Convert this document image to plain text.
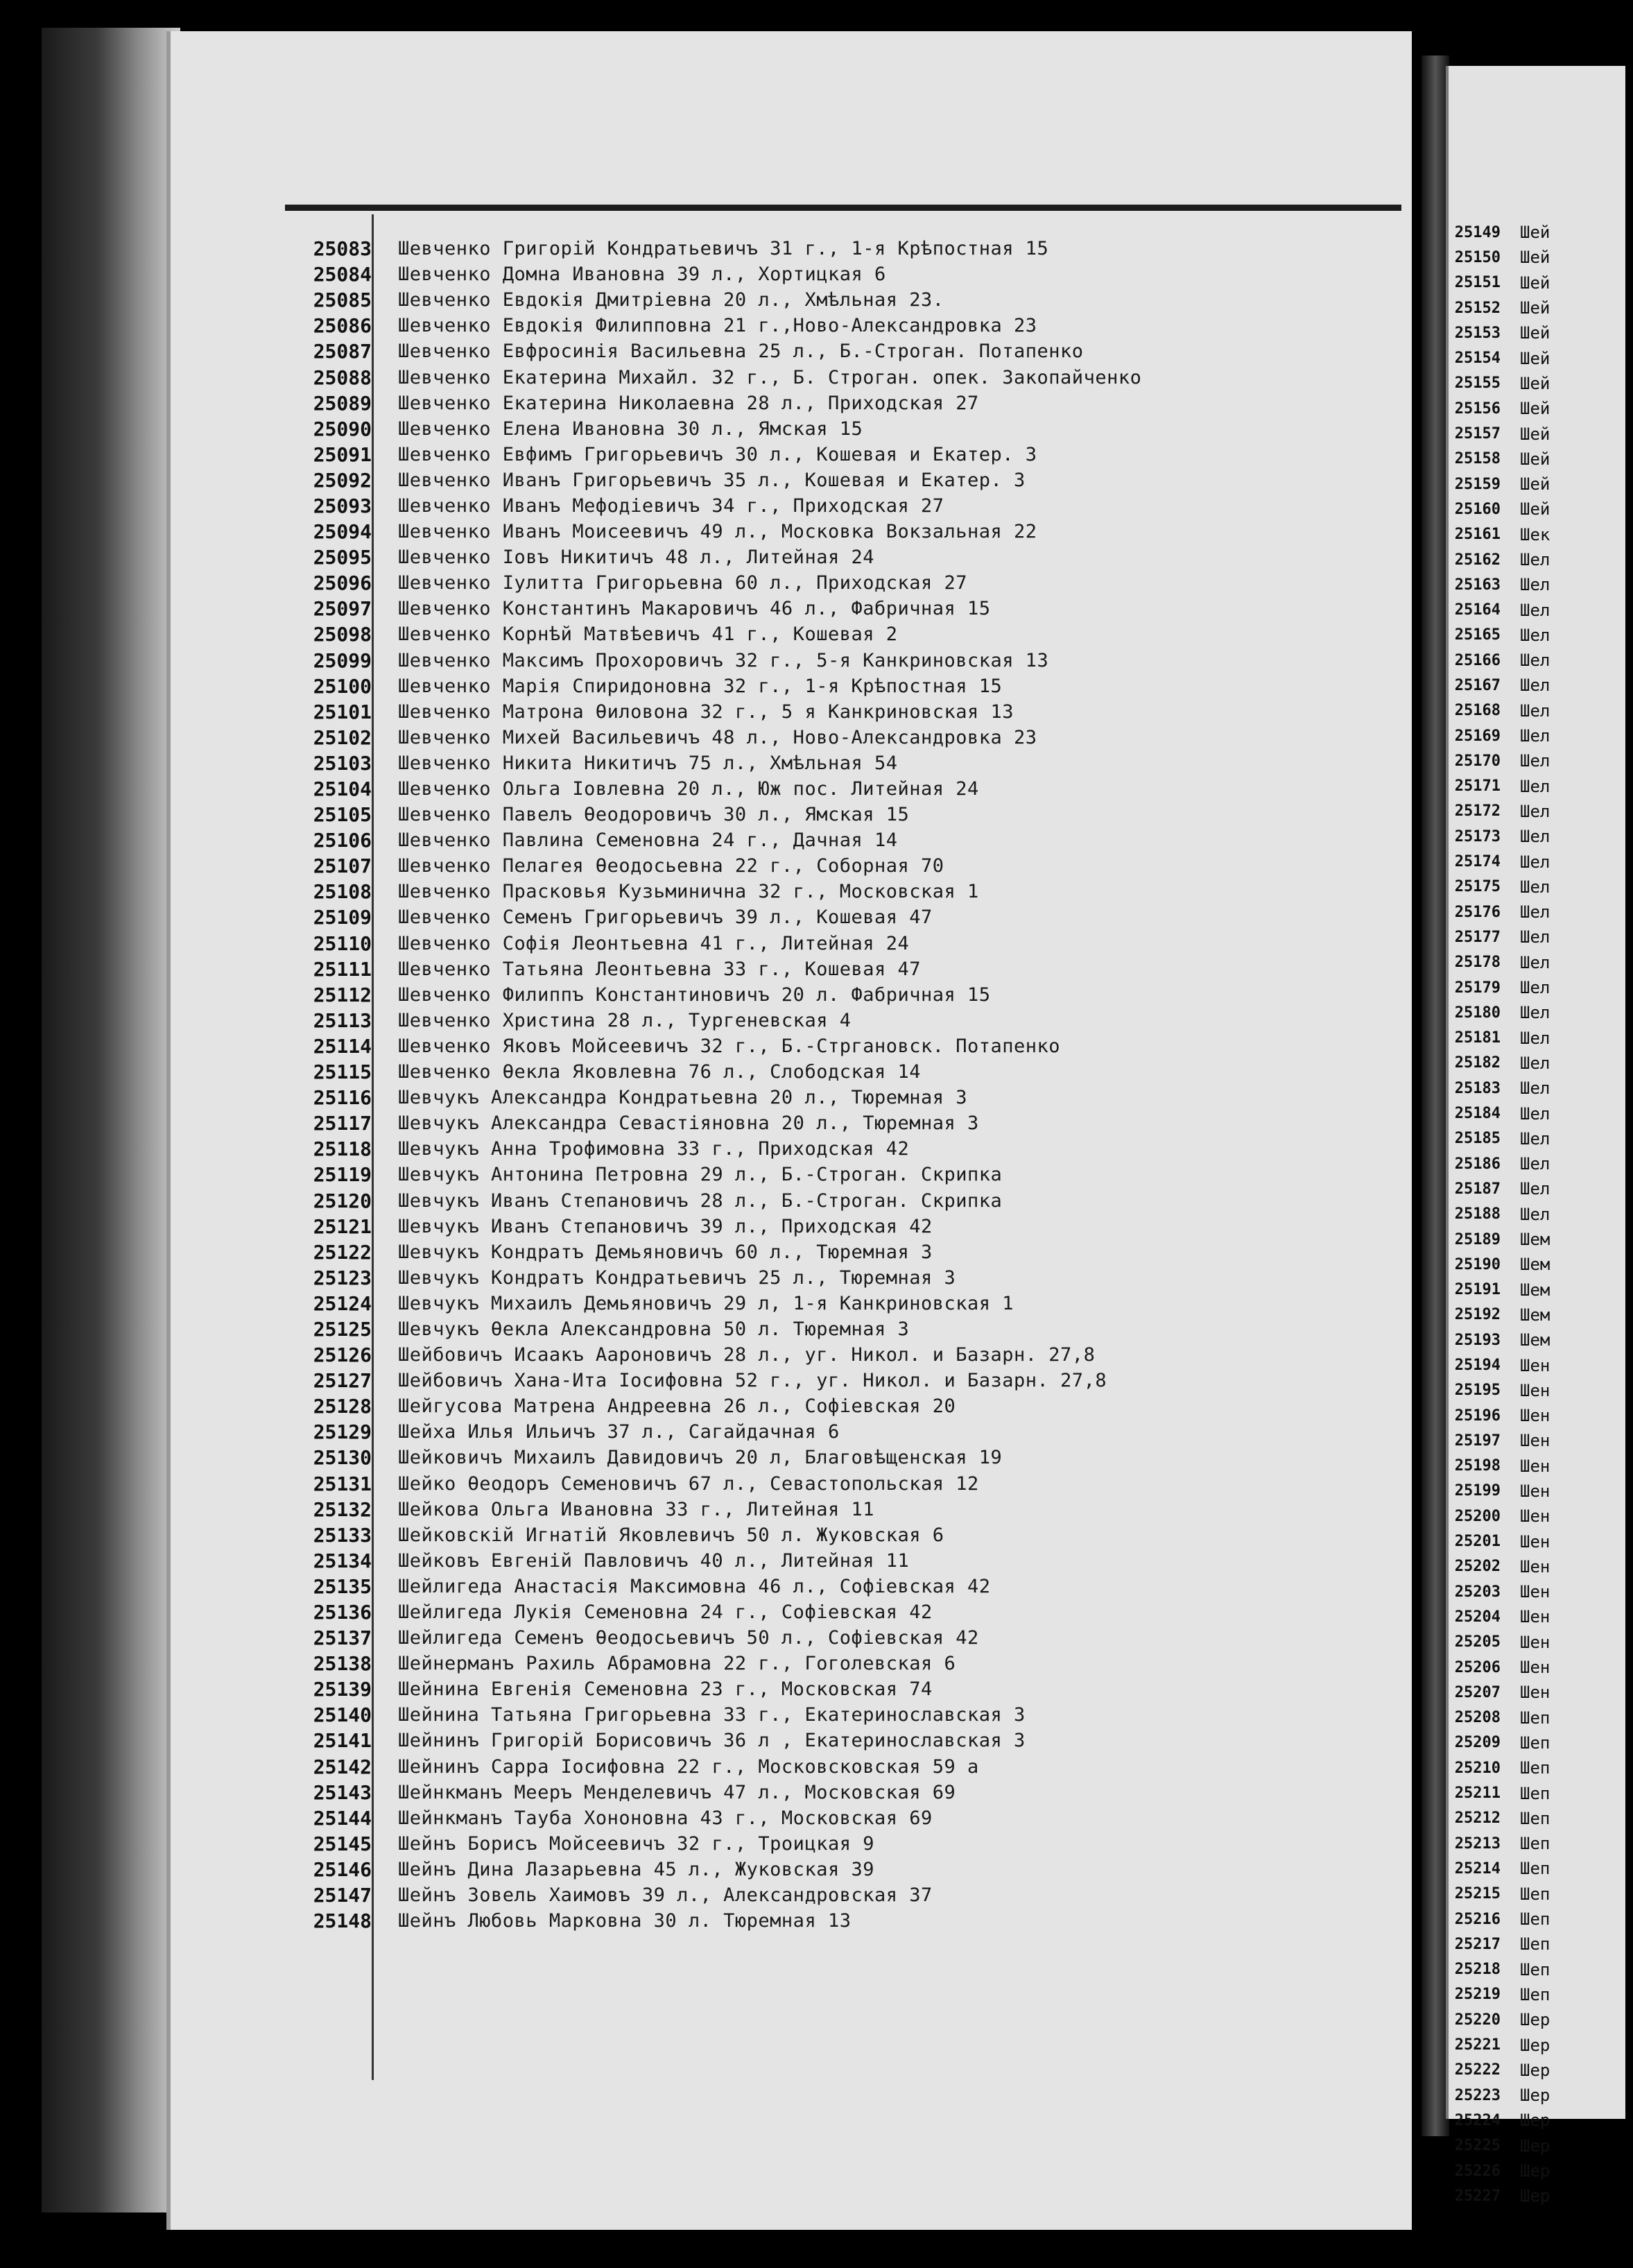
25083	Шевченко Григорій Кондратьевичъ 31 г., 1-я Крѣпостная 15
25084	Шевченко Домна Ивановна 39 л., Хортицкая 6
25085	Шевченко Евдокія Дмитріевна 20 л., Хмѣльная 23.
25086	Шевченко Евдокія Филипповна 21 г.,Ново-Александровка 23
25087	Шевченко Евфросинія Васильевна 25 л., Б.-Строган. Потапенко
25088	Шевченко Екатерина Михайл. 32 г., Б. Строган. опек. Закопайченко
25089	Шевченко Екатерина Николаевна 28 л., Приходская 27
25090	Шевченко Елена Ивановна 30 л., Ямская 15
25091	Шевченко Евфимъ Григорьевичъ 30 л., Кошевая и Екатер. 3
25092	Шевченко Иванъ Григорьевичъ 35 л., Кошевая и Екатер. 3
25093	Шевченко Иванъ Мефодіевичъ 34 г., Приходская 27
25094	Шевченко Иванъ Моисеевичъ 49 л., Московка Вокзальная 22
25095	Шевченко Іовъ Никитичъ 48 л., Литейная 24
25096	Шевченко Іулитта Григорьевна 60 л., Приходская 27
25097	Шевченко Константинъ Макаровичъ 46 л., Фабричная 15
25098	Шевченко Корнѣй Матвѣевичъ 41 г., Кошевая 2
25099	Шевченко Максимъ Прохоровичъ 32 г., 5-я Канкриновская 13
25100	Шевченко Марія Спиридоновна 32 г., 1-я Крѣпостная 15
25101	Шевченко Матрона Ѳиловона 32 г., 5 я Канкриновская 13
25102	Шевченко Михей Васильевичъ 48 л., Ново-Александровка 23
25103	Шевченко Никита Никитичъ 75 л., Хмѣльная 54
25104	Шевченко Ольга Іовлевна 20 л., Юж пос. Литейная 24
25105	Шевченко Павелъ Ѳеодоровичъ 30 л., Ямская 15
25106	Шевченко Павлина Семеновна 24 г., Дачная 14
25107	Шевченко Пелагея Ѳеодосьевна 22 г., Соборная 70
25108	Шевченко Прасковья Кузьминична 32 г., Московская 1
25109	Шевченко Семенъ Григорьевичъ 39 л., Кошевая 47
25110	Шевченко Софія Леонтьевна 41 г., Литейная 24
25111	Шевченко Татьяна Леонтьевна 33 г., Кошевая 47
25112	Шевченко Филиппъ Константиновичъ 20 л. Фабричная 15
25113	Шевченко Христина 28 л., Тургеневская 4
25114	Шевченко Яковъ Мойсеевичъ 32 г., Б.-Стргановск. Потапенко
25115	Шевченко Ѳекла Яковлевна 76 л., Слободская 14
25116	Шевчукъ Александра Кондратьевна 20 л., Тюремная 3
25117	Шевчукъ Александра Севастіяновна 20 л., Тюремная 3
25118	Шевчукъ Анна Трофимовна 33 г., Приходская 42
25119	Шевчукъ Антонина Петровна 29 л., Б.-Строган. Скрипка
25120	Шевчукъ Иванъ Степановичъ 28 л., Б.-Строган. Скрипка
25121	Шевчукъ Иванъ Степановичъ 39 л., Приходская 42
25122	Шевчукъ Кондратъ Демьяновичъ 60 л., Тюремная 3
25123	Шевчукъ Кондратъ Кондратьевичъ 25 л., Тюремная 3
25124	Шевчукъ Михаилъ Демьяновичъ 29 л, 1-я Канкриновская 1
25125	Шевчукъ Ѳекла Александровна 50 л. Тюремная 3
25126	Шейбовичъ Исаакъ Аароновичъ 28 л., уг. Никол. и Базарн. 27,8
25127	Шейбовичъ Хана-Ита Іосифовна 52 г., уг. Никол. и Базарн. 27,8
25128	Шейгусова Матрена Андреевна 26 л., Софіевская 20
25129	Шейха Илья Ильичъ 37 л., Сагайдачная 6
25130	Шейковичъ Михаилъ Давидовичъ 20 л, Благовѣщенская 19
25131	Шейко Ѳеодоръ Семеновичъ 67 л., Севастопольская 12
25132	Шейкова Ольга Ивановна 33 г., Литейная 11
25133	Шейковскій Игнатій Яковлевичъ 50 л. Жуковская 6
25134	Шейковъ Евгеній Павловичъ 40 л., Литейная 11
25135	Шейлигеда Анастасія Максимовна 46 л., Софіевская 42
25136	Шейлигеда Лукія Семеновна 24 г., Софіевская 42
25137	Шейлигеда Семенъ Ѳеодосьевичъ 50 л., Софіевская 42
25138	Шейнерманъ Рахиль Абрамовна 22 г., Гоголевская 6
25139	Шейнина Евгенія Семеновна 23 г., Московская 74
25140	Шейнина Татьяна Григорьевна 33 г., Екатеринославская 3
25141	Шейнинъ Григорій Борисовичъ 36 л , Екатеринославская 3
25142	Шейнинъ Сарра Іосифовна 22 г., Московсковская 59 а
25143	Шейнкманъ Мееръ Менделевичъ 47 л., Московская 69
25144	Шейнкманъ Тауба Хононовна 43 г., Московская 69
25145	Шейнъ Борисъ Мойсеевичъ 32 г., Троицкая 9
25146	Шейнъ Дина Лазарьевна 45 л., Жуковская 39
25147	Шейнъ Зовель Хаимовъ 39 л., Александровская 37
25148	Шейнъ Любовь Марковна 30 л. Тюремная 13
25149	Шей
25150	Шей
25151	Шей
25152	Шей
25153	Шей
25154	Шей
25155	Шей
25156	Шей
25157	Шей
25158	Шей
25159	Шей
25160	Шей
25161	Шек
25162	Шел
25163	Шел
25164	Шел
25165	Шел
25166	Шел
25167	Шел
25168	Шел
25169	Шел
25170	Шел
25171	Шел
25172	Шел
25173	Шел
25174	Шел
25175	Шел
25176	Шел
25177	Шел
25178	Шел
25179	Шел
25180	Шел
25181	Шел
25182	Шел
25183	Шел
25184	Шел
25185	Шел
25186	Шел
25187	Шел
25188	Шел
25189	Шем
25190	Шем
25191	Шем
25192	Шем
25193	Шем
25194	Шен
25195	Шен
25196	Шен
25197	Шен
25198	Шен
25199	Шен
25200	Шен
25201	Шен
25202	Шен
25203	Шен
25204	Шен
25205	Шен
25206	Шен
25207	Шен
25208	Шеп
25209	Шеп
25210	Шеп
25211	Шеп
25212	Шеп
25213	Шеп
25214	Шеп
25215	Шеп
25216	Шеп
25217	Шеп
25218	Шеп
25219	Шеп
25220	Шер
25221	Шер
25222	Шер
25223	Шер
25224	Шер
25225	Шер
25226	Шер
25227	Шер
